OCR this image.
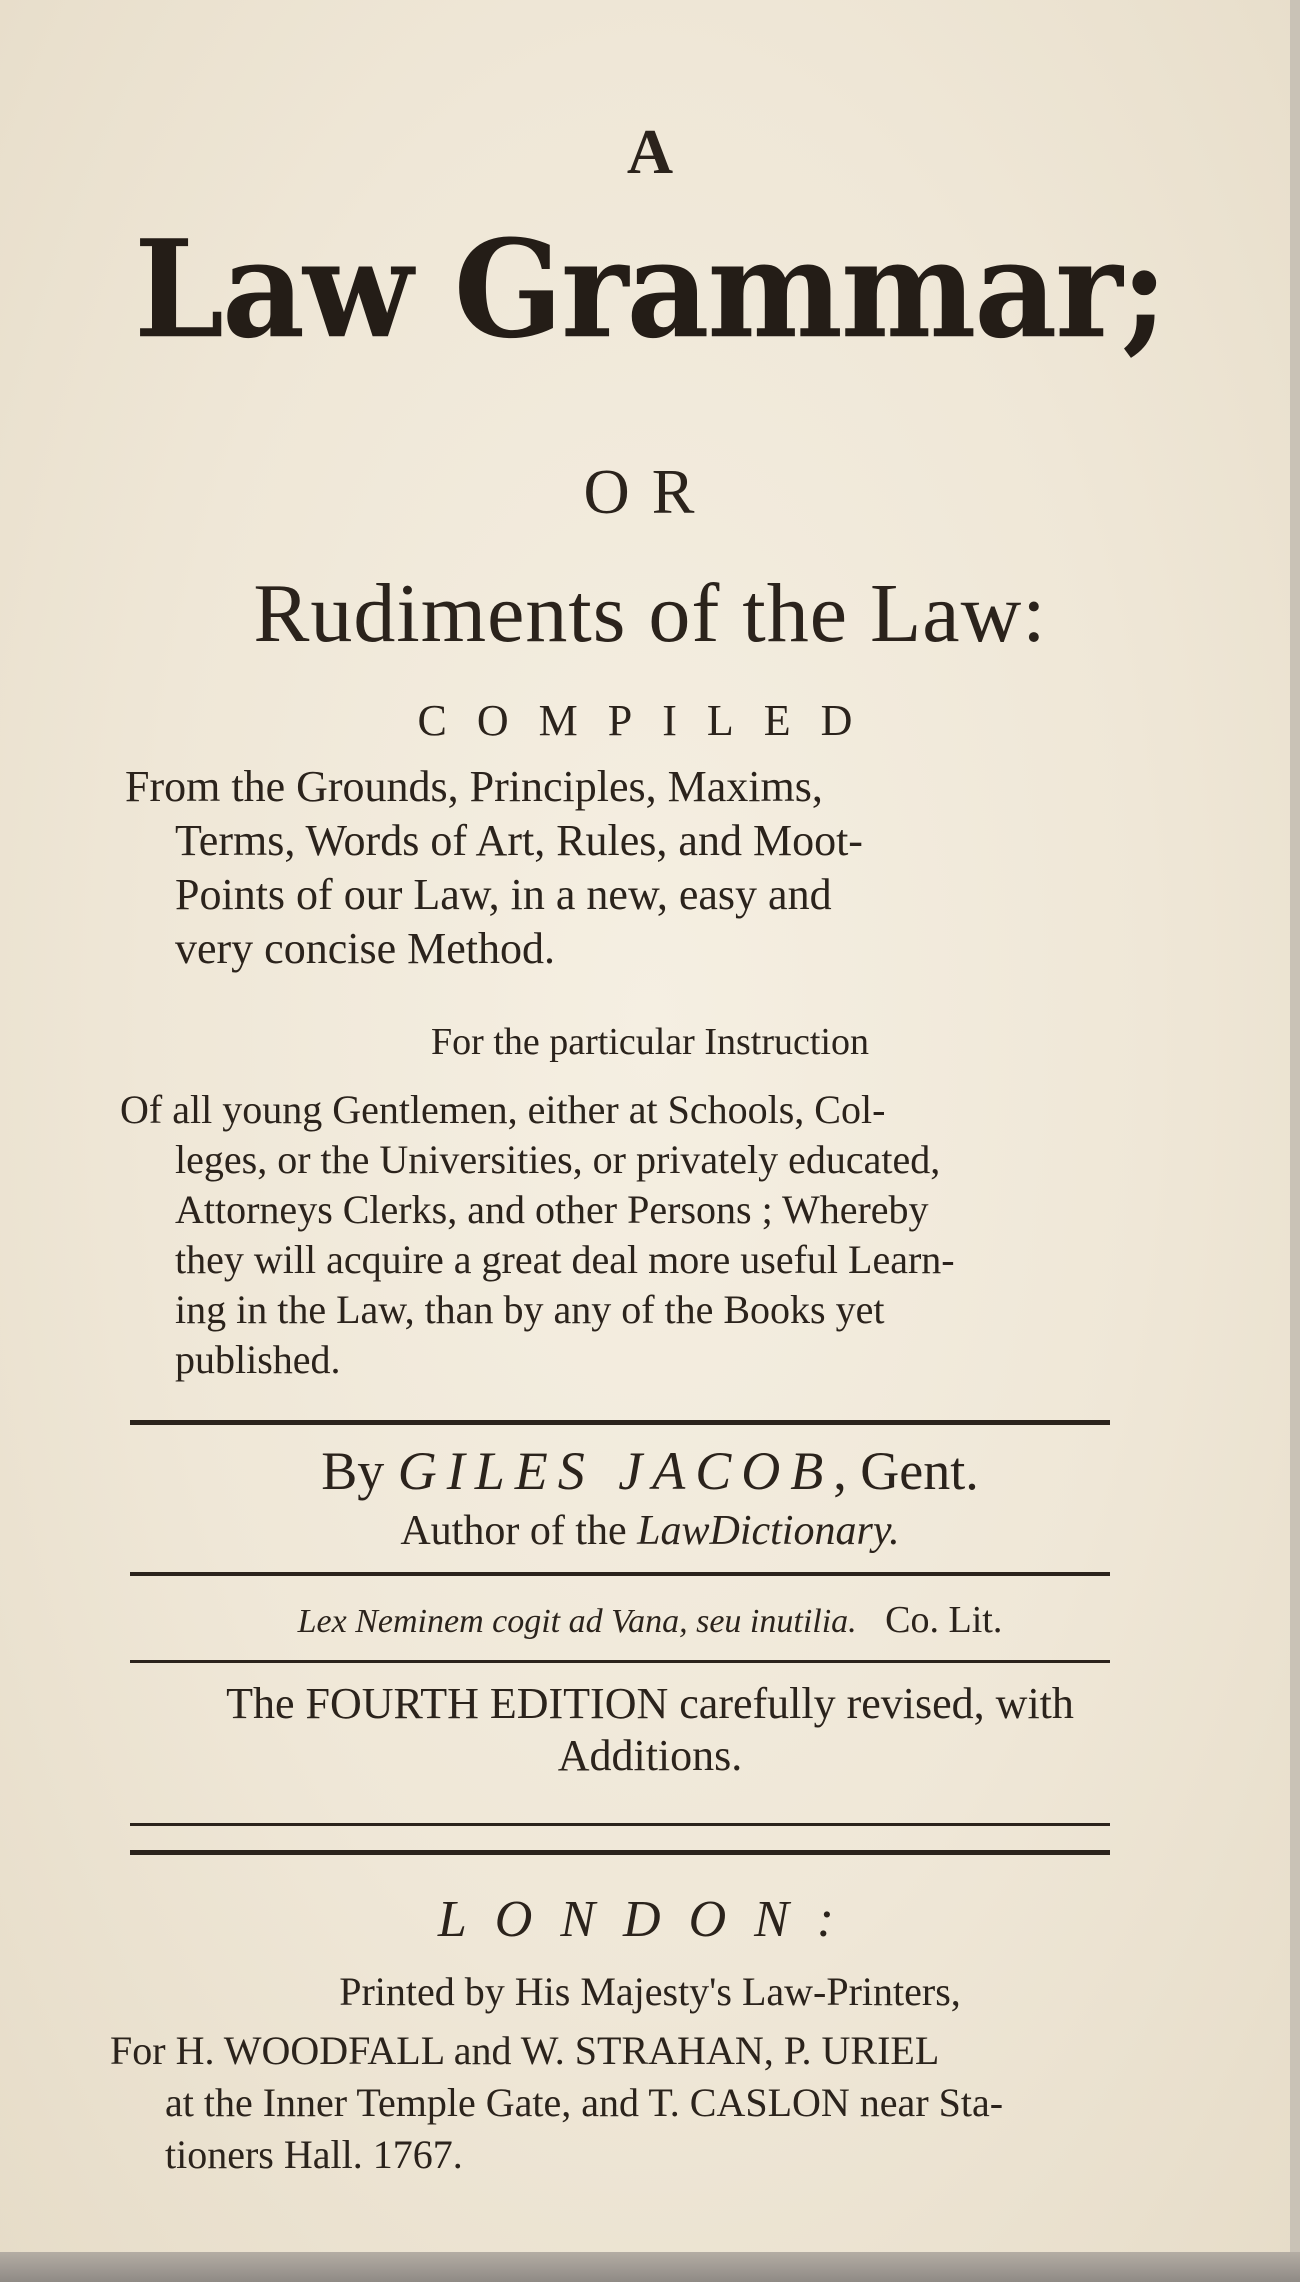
A
Law Grammar;
OR
Rudiments of the Law:
COMPILED
From the Grounds, Principles, Maxims,
Terms, Words of Art, Rules, and Moot-
Points of our Law, in a new, easy and
very concise Method.
For the particular Instruction
Of all young Gentlemen, either at Schools, Col-
leges, or the Universities, or privately educated,
Attorneys Clerks, and other Persons ; Whereby
they will acquire a great deal more useful Learn-
ing in the Law, than by any of the Books yet
published.
By GILES JACOB, Gent.
Author of the LawDictionary.
Lex Neminem cogit ad Vana, seu inutilia. Co. Lit.
The FOURTH EDITION carefully revised, with
Additions.
LONDON:
Printed by His Majesty's Law-Printers,
For H. WOODFALL and W. STRAHAN, P. URIEL
at the Inner Temple Gate, and T. CASLON near Sta-
tioners Hall. 1767.
